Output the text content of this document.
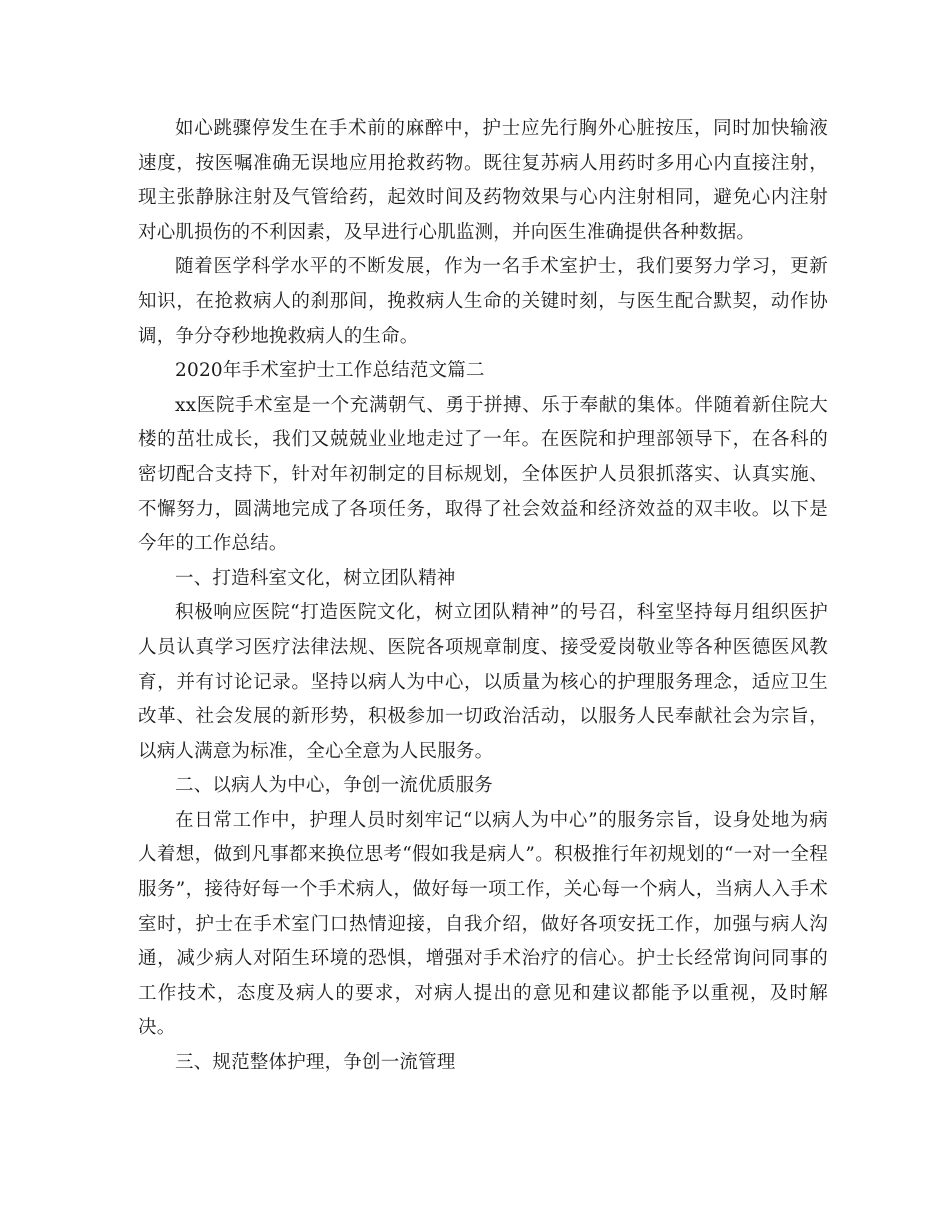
如心跳骤停发生在手术前的麻醉中，护士应先行胸外心脏按压，同时加快输液速度，按医嘱准确无误地应用抢救药物。既往复苏病人用药时多用心内直接注射，现主张静脉注射及气管给药，起效时间及药物效果与心内注射相同，避免心内注射对心肌损伤的不利因素，及早进行心肌监测，并向医生准确提供各种数据。

随着医学科学水平的不断发展，作为一名手术室护士，我们要努力学习，更新知识，在抢救病人的刹那间，挽救病人生命的关键时刻，与医生配合默契，动作协调，争分夺秒地挽救病人的生命。

2020年手术室护士工作总结范文篇二

xx医院手术室是一个充满朝气、勇于拼搏、乐于奉献的集体。伴随着新住院大楼的茁壮成长，我们又兢兢业业地走过了一年。在医院和护理部领导下，在各科的密切配合支持下，针对年初制定的目标规划，全体医护人员狠抓落实、认真实施、不懈努力，圆满地完成了各项任务，取得了社会效益和经济效益的双丰收。以下是今年的工作总结。

一、打造科室文化，树立团队精神

积极响应医院“打造医院文化，树立团队精神”的号召，科室坚持每月组织医护人员认真学习医疗法律法规、医院各项规章制度、接受爱岗敬业等各种医德医风教育，并有讨论记录。坚持以病人为中心，以质量为核心的护理服务理念，适应卫生改革、社会发展的新形势，积极参加一切政治活动，以服务人民奉献社会为宗旨，以病人满意为标准，全心全意为人民服务。

二、以病人为中心，争创一流优质服务

在日常工作中，护理人员时刻牢记“以病人为中心”的服务宗旨，设身处地为病人着想，做到凡事都来换位思考“假如我是病人”。积极推行年初规划的“一对一全程服务”，接待好每一个手术病人，做好每一项工作，关心每一个病人，当病人入手术室时，护士在手术室门口热情迎接，自我介绍，做好各项安抚工作，加强与病人沟通，减少病人对陌生环境的恐惧，增强对手术治疗的信心。护士长经常询问同事的工作技术，态度及病人的要求，对病人提出的意见和建议都能予以重视，及时解决。

三、规范整体护理，争创一流管理
